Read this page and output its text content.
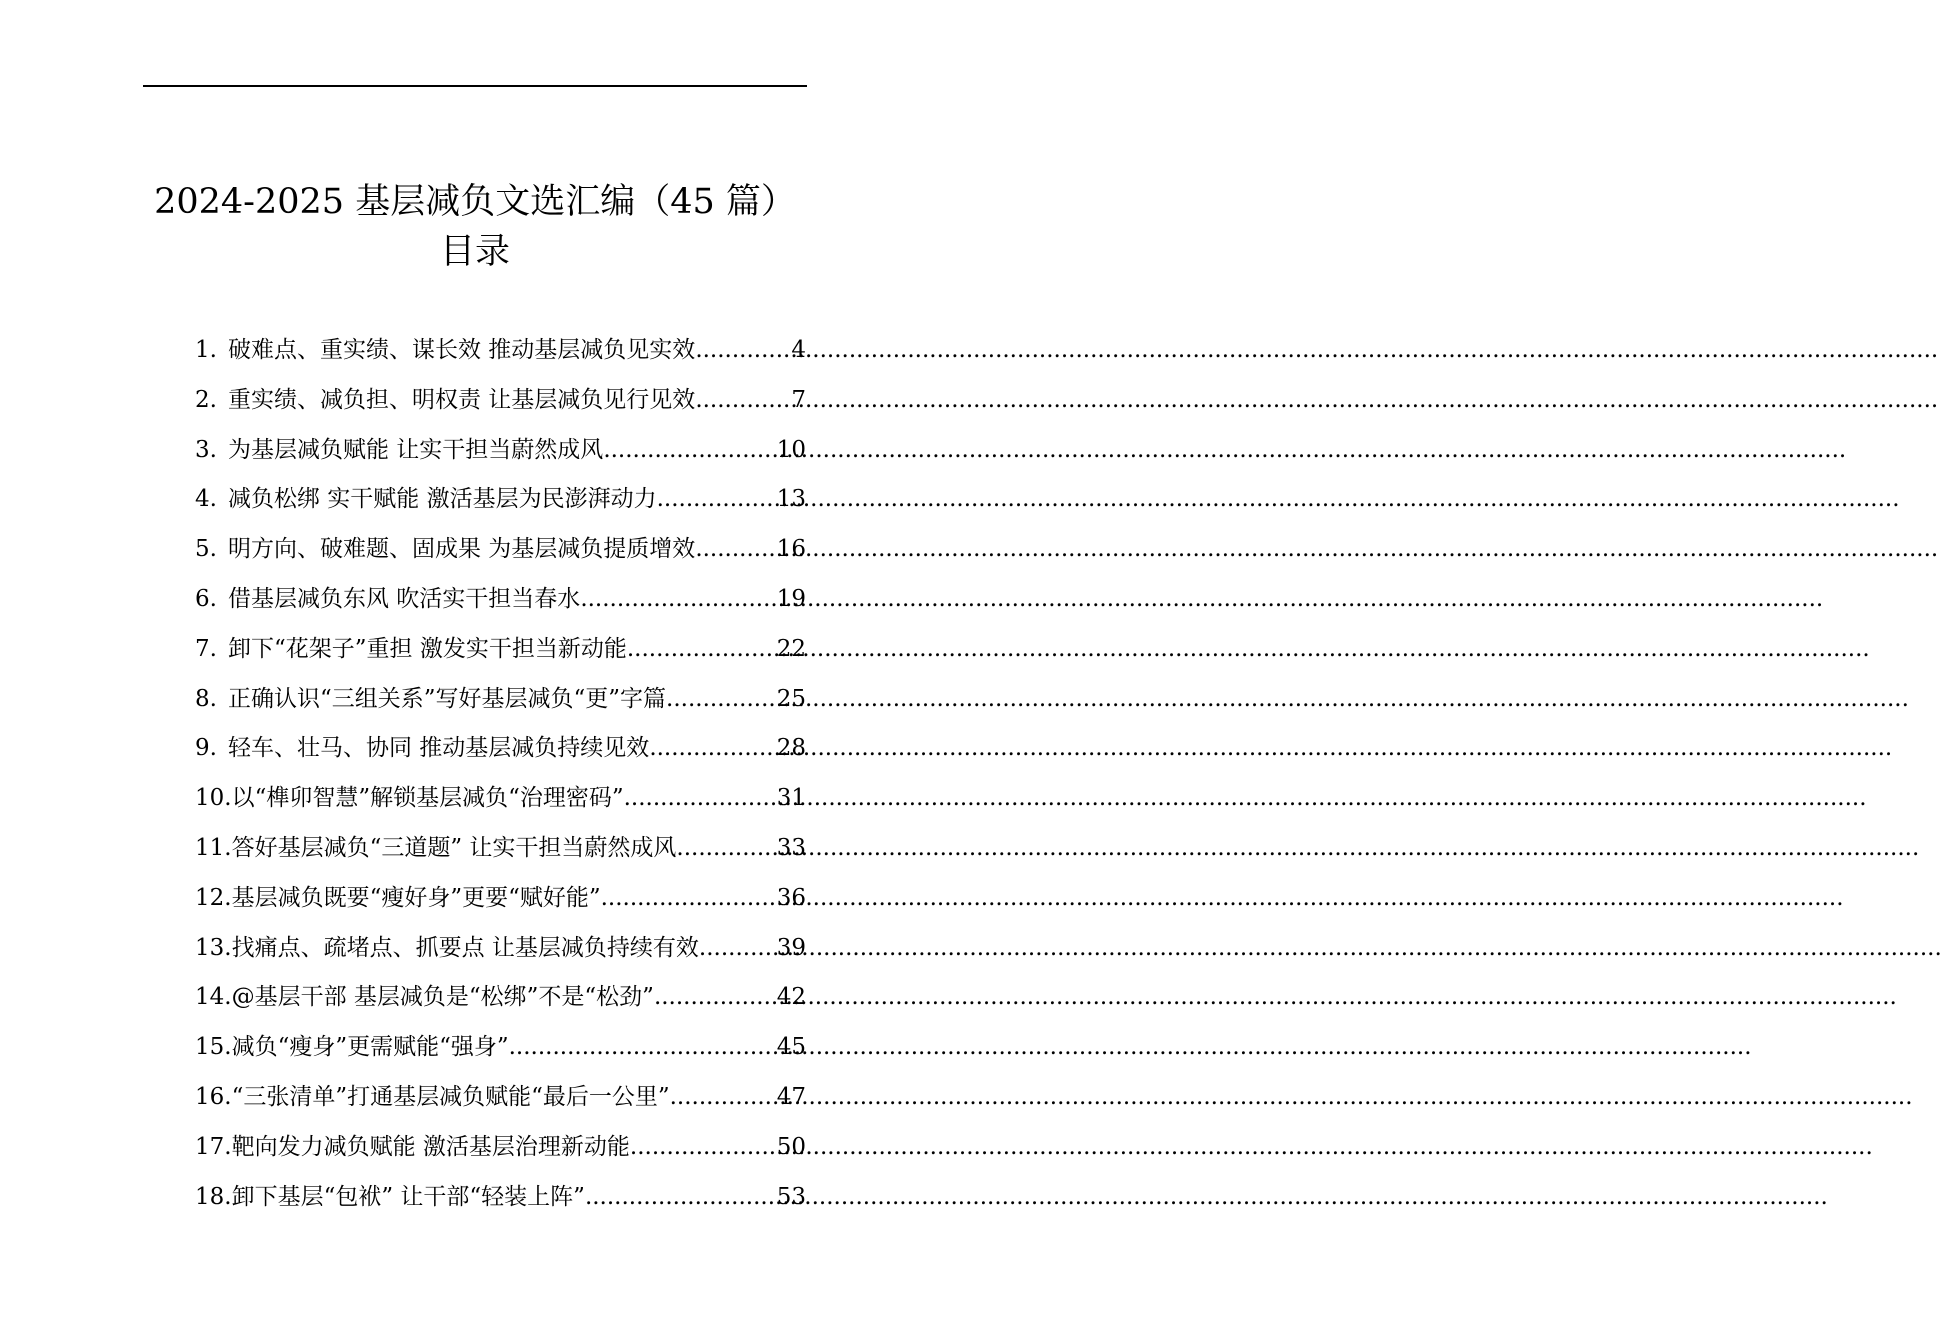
2024-2025 基层减负文选汇编（45 篇）
目录
1. 破难点、重实绩、谋长效 推动基层减负见实效 .....	4
2. 重实绩、减负担、明权责 让基层减负见行见效 .....	7
3. 为基层减负赋能 让实干担当蔚然成风 .....	10
4. 减负松绑 实干赋能 激活基层为民澎湃动力 .....	13
5. 明方向、破难题、固成果 为基层减负提质增效 .....	16
6. 借基层减负东风 吹活实干担当春水 .....	19
7. 卸下“花架子”重担 激发实干担当新动能 .....	22
8. 正确认识“三组关系”写好基层减负“更”字篇 .....	25
9. 轻车、壮马、协同 推动基层减负持续见效 .....	28
10. 以“榫卯智慧”解锁基层减负“治理密码” .....	31
11. 答好基层减负“三道题” 让实干担当蔚然成风 .....	33
12. 基层减负既要“瘦好身”更要“赋好能” .....	36
13. 找痛点、疏堵点、抓要点 让基层减负持续有效 .....	39
14. @基层干部 基层减负是“松绑”不是“松劲” .....	42
15. 减负“瘦身”更需赋能“强身” .....	45
16. “三张清单”打通基层减负赋能“最后一公里” .....	47
17. 靶向发力减负赋能 激活基层治理新动能 .....	50
18. 卸下基层“包袱” 让干部“轻装上阵” .....	53
